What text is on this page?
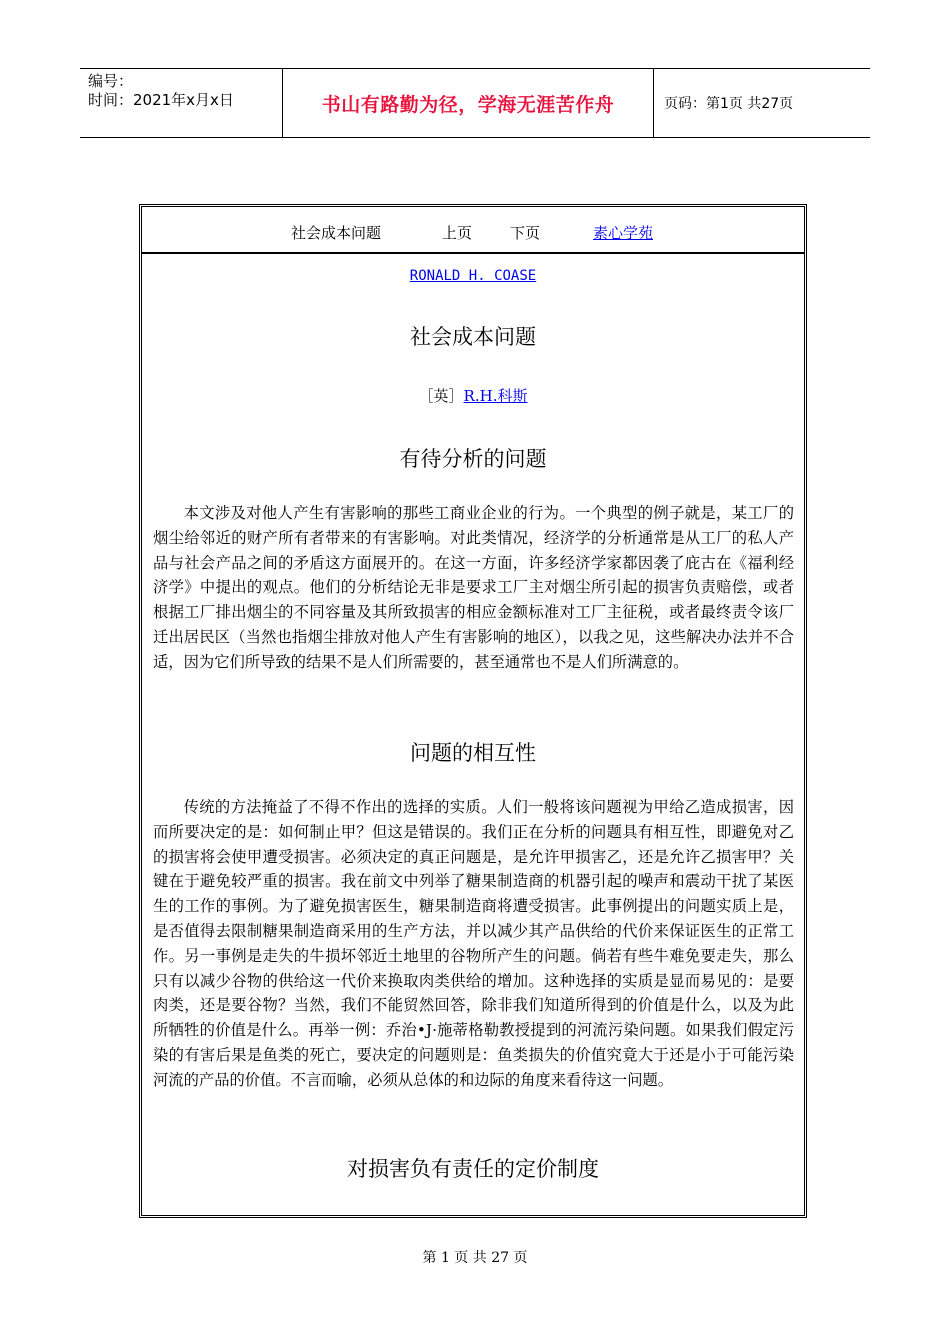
编号：
时间：2021年x月x日	书山有路勤为径，学海无涯苦作舟	页码：第1页 共27页
社会成本问题	上页	下页	素心学苑
RONALD H. COASE
社会成本问题
［英］R.H.科斯
有待分析的问题

本文涉及对他人产生有害影响的那些工商业企业的行为。一个典型的例子就是，某工厂的烟尘给邻近的财产所有者带来的有害影响。对此类情况，经济学的分析通常是从工厂的私人产品与社会产品之间的矛盾这方面展开的。在这一方面，许多经济学家都因袭了庇古在《福利经济学》中提出的观点。他们的分析结论无非是要求工厂主对烟尘所引起的损害负责赔偿，或者根据工厂排出烟尘的不同容量及其所致损害的相应金额标准对工厂主征税，或者最终责令该厂迁出居民区（当然也指烟尘排放对他人产生有害影响的地区），以我之见，这些解决办法并不合适，因为它们所导致的结果不是人们所需要的，甚至通常也不是人们所满意的。

问题的相互性

传统的方法掩益了不得不作出的选择的实质。人们一般将该问题视为甲给乙造成损害，因而所要决定的是：如何制止甲？但这是错误的。我们正在分析的问题具有相互性，即避免对乙的损害将会使甲遭受损害。必须决定的真正问题是，是允许甲损害乙，还是允许乙损害甲？关键在于避免较严重的损害。我在前文中列举了糖果制造商的机器引起的噪声和震动干扰了某医生的工作的事例。为了避免损害医生，糖果制造商将遭受损害。此事例提出的问题实质上是，是否值得去限制糖果制造商采用的生产方法，并以减少其产品供给的代价来保证医生的正常工作。另一事例是走失的牛损坏邻近土地里的谷物所产生的问题。倘若有些牛难免要走失，那么只有以减少谷物的供给这一代价来换取肉类供给的增加。这种选择的实质是显而易见的：是要肉类，还是要谷物？当然，我们不能贸然回答，除非我们知道所得到的价值是什么，以及为此所牺牲的价值是什么。再举一例：乔治•J·施蒂格勒教授提到的河流污染问题。如果我们假定污染的有害后果是鱼类的死亡，要决定的问题则是：鱼类损失的价值究竟大于还是小于可能污染河流的产品的价值。不言而喻，必须从总体的和边际的角度来看待这一问题。

对损害负有责任的定价制度
第 1 页 共 27 页
